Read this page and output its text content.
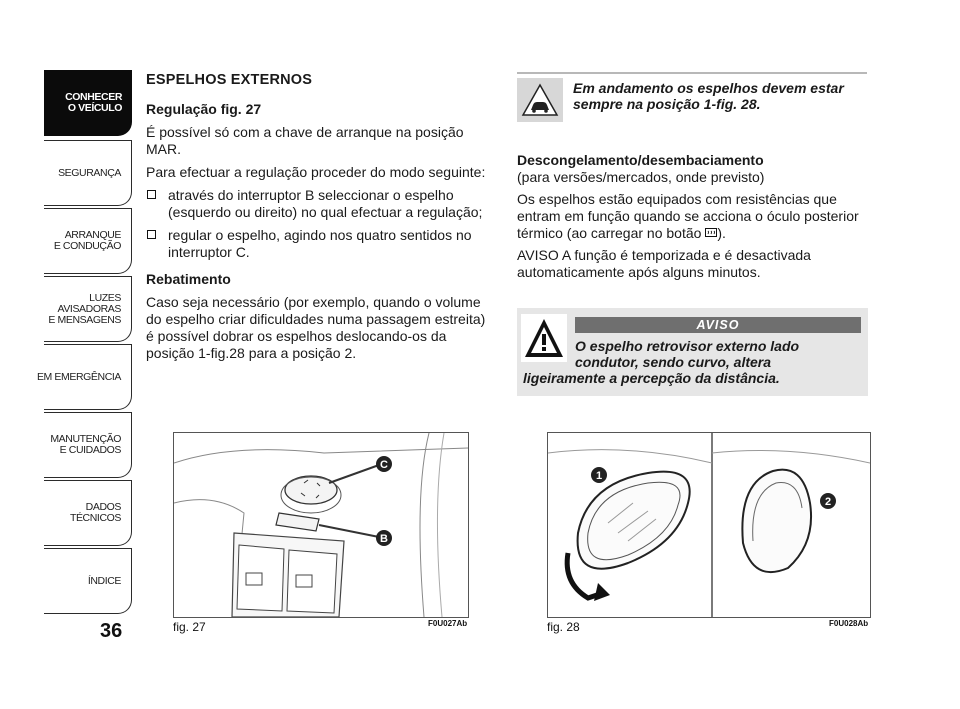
CONHECER
O VEÍCULO
SEGURANÇA
ARRANQUE
E CONDUÇÃO
LUZES
AVISADORAS
E MENSAGENS
EM EMERGÊNCIA
MANUTENÇÃO
E CUIDADOS
DADOS
TÉCNICOS
ÍNDICE
36

ESPELHOS EXTERNOS

Regulação fig. 27

É possível só com a chave de arranque na posição MAR.

Para efectuar a regulação proceder do modo seguinte:

através do interruptor B seleccionar o espelho (esquerdo ou direito) no qual efectuar a regulação;

regular o espelho, agindo nos quatro sentidos no interruptor C.

Rebatimento

Caso seja necessário (por exemplo, quando o volume do espelho criar dificuldades numa passagem estreita) é possível dobrar os espelhos deslocando-os da posição 1-fig.28 para a posição 2.

Em andamento os espelhos devem estar sempre na posição 1-fig. 28.

Descongelamento/desembaciamento

(para versões/mercados, onde previsto)

Os espelhos estão equipados com resistências que entram em função quando se acciona o óculo posterior térmico (ao carregar no botão ).

AVISO A função é temporizada e é desactivada automaticamente após alguns minutos.

AVISO
O espelho retrovisor externo lado condutor, sendo curvo, altera
ligeiramente a percepção da distância.
C
B
fig. 27	F0U027Ab
1
2
fig. 28	F0U028Ab
